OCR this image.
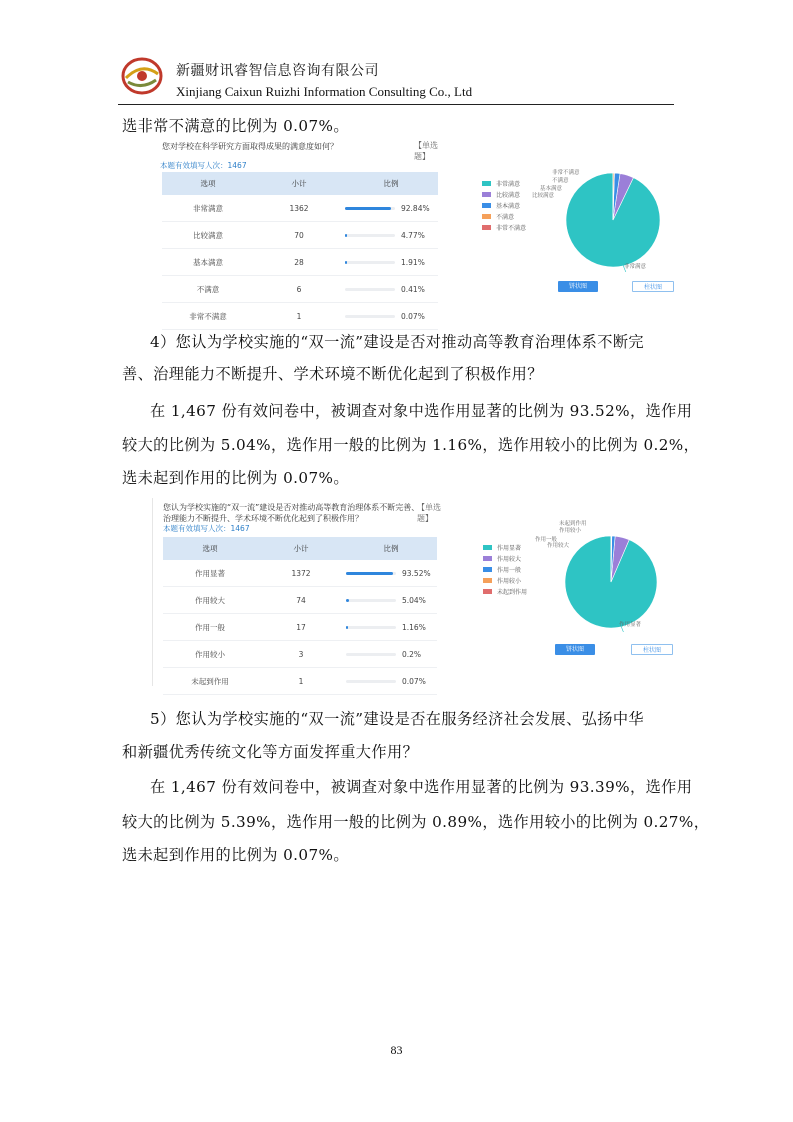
新疆财讯睿智信息咨询有限公司
Xinjiang Caixun Ruizhi Information Consulting Co., Ltd
选非常不满意的比例为 0.07%。
您对学校在科学研究方面取得成果的满意度如何？	【单选
题】
本题有效填写人次：1467
选项	小计	比例
非常满意	1362	92.84%
比较满意	70	4.77%
基本满意	28	1.91%
不满意	6	0.41%
非常不满意	1	0.07%
非常满意
比较满意
基本满意
不满意
非常不满意
非常不满意
不满意
比较满意
基本满意
非常满意
饼状图	柱状图
4）您认为学校实施的“双一流”建设是否对推动高等教育治理体系不断完
善、治理能力不断提升、学术环境不断优化起到了积极作用？
在 1,467 份有效问卷中，被调查对象中选作用显著的比例为 93.52%，选作用
较大的比例为 5.04%，选作用一般的比例为 1.16%，选作用较小的比例为 0.2%，
选未起到作用的比例为 0.07%。
您认为学校实施的“双一流”建设是否对推动高等教育治理体系不断完善、
治理能力不断提升、学术环境不断优化起到了积极作用？
【单选
题】
本题有效填写人次：1467
选项	小计	比例
作用显著	1372	93.52%
作用较大	74	5.04%
作用一般	17	1.16%
作用较小	3	0.2%
未起到作用	1	0.07%
作用显著
作用较大
作用一般
作用较小
未起到作用
未起到作用
作用较小
作用一般
作用较大
作用显著
饼状图	柱状图
5）您认为学校实施的“双一流”建设是否在服务经济社会发展、弘扬中华
和新疆优秀传统文化等方面发挥重大作用？
在 1,467 份有效问卷中，被调查对象中选作用显著的比例为 93.39%，选作用
较大的比例为 5.39%，选作用一般的比例为 0.89%，选作用较小的比例为 0.27%，
选未起到作用的比例为 0.07%。
83
